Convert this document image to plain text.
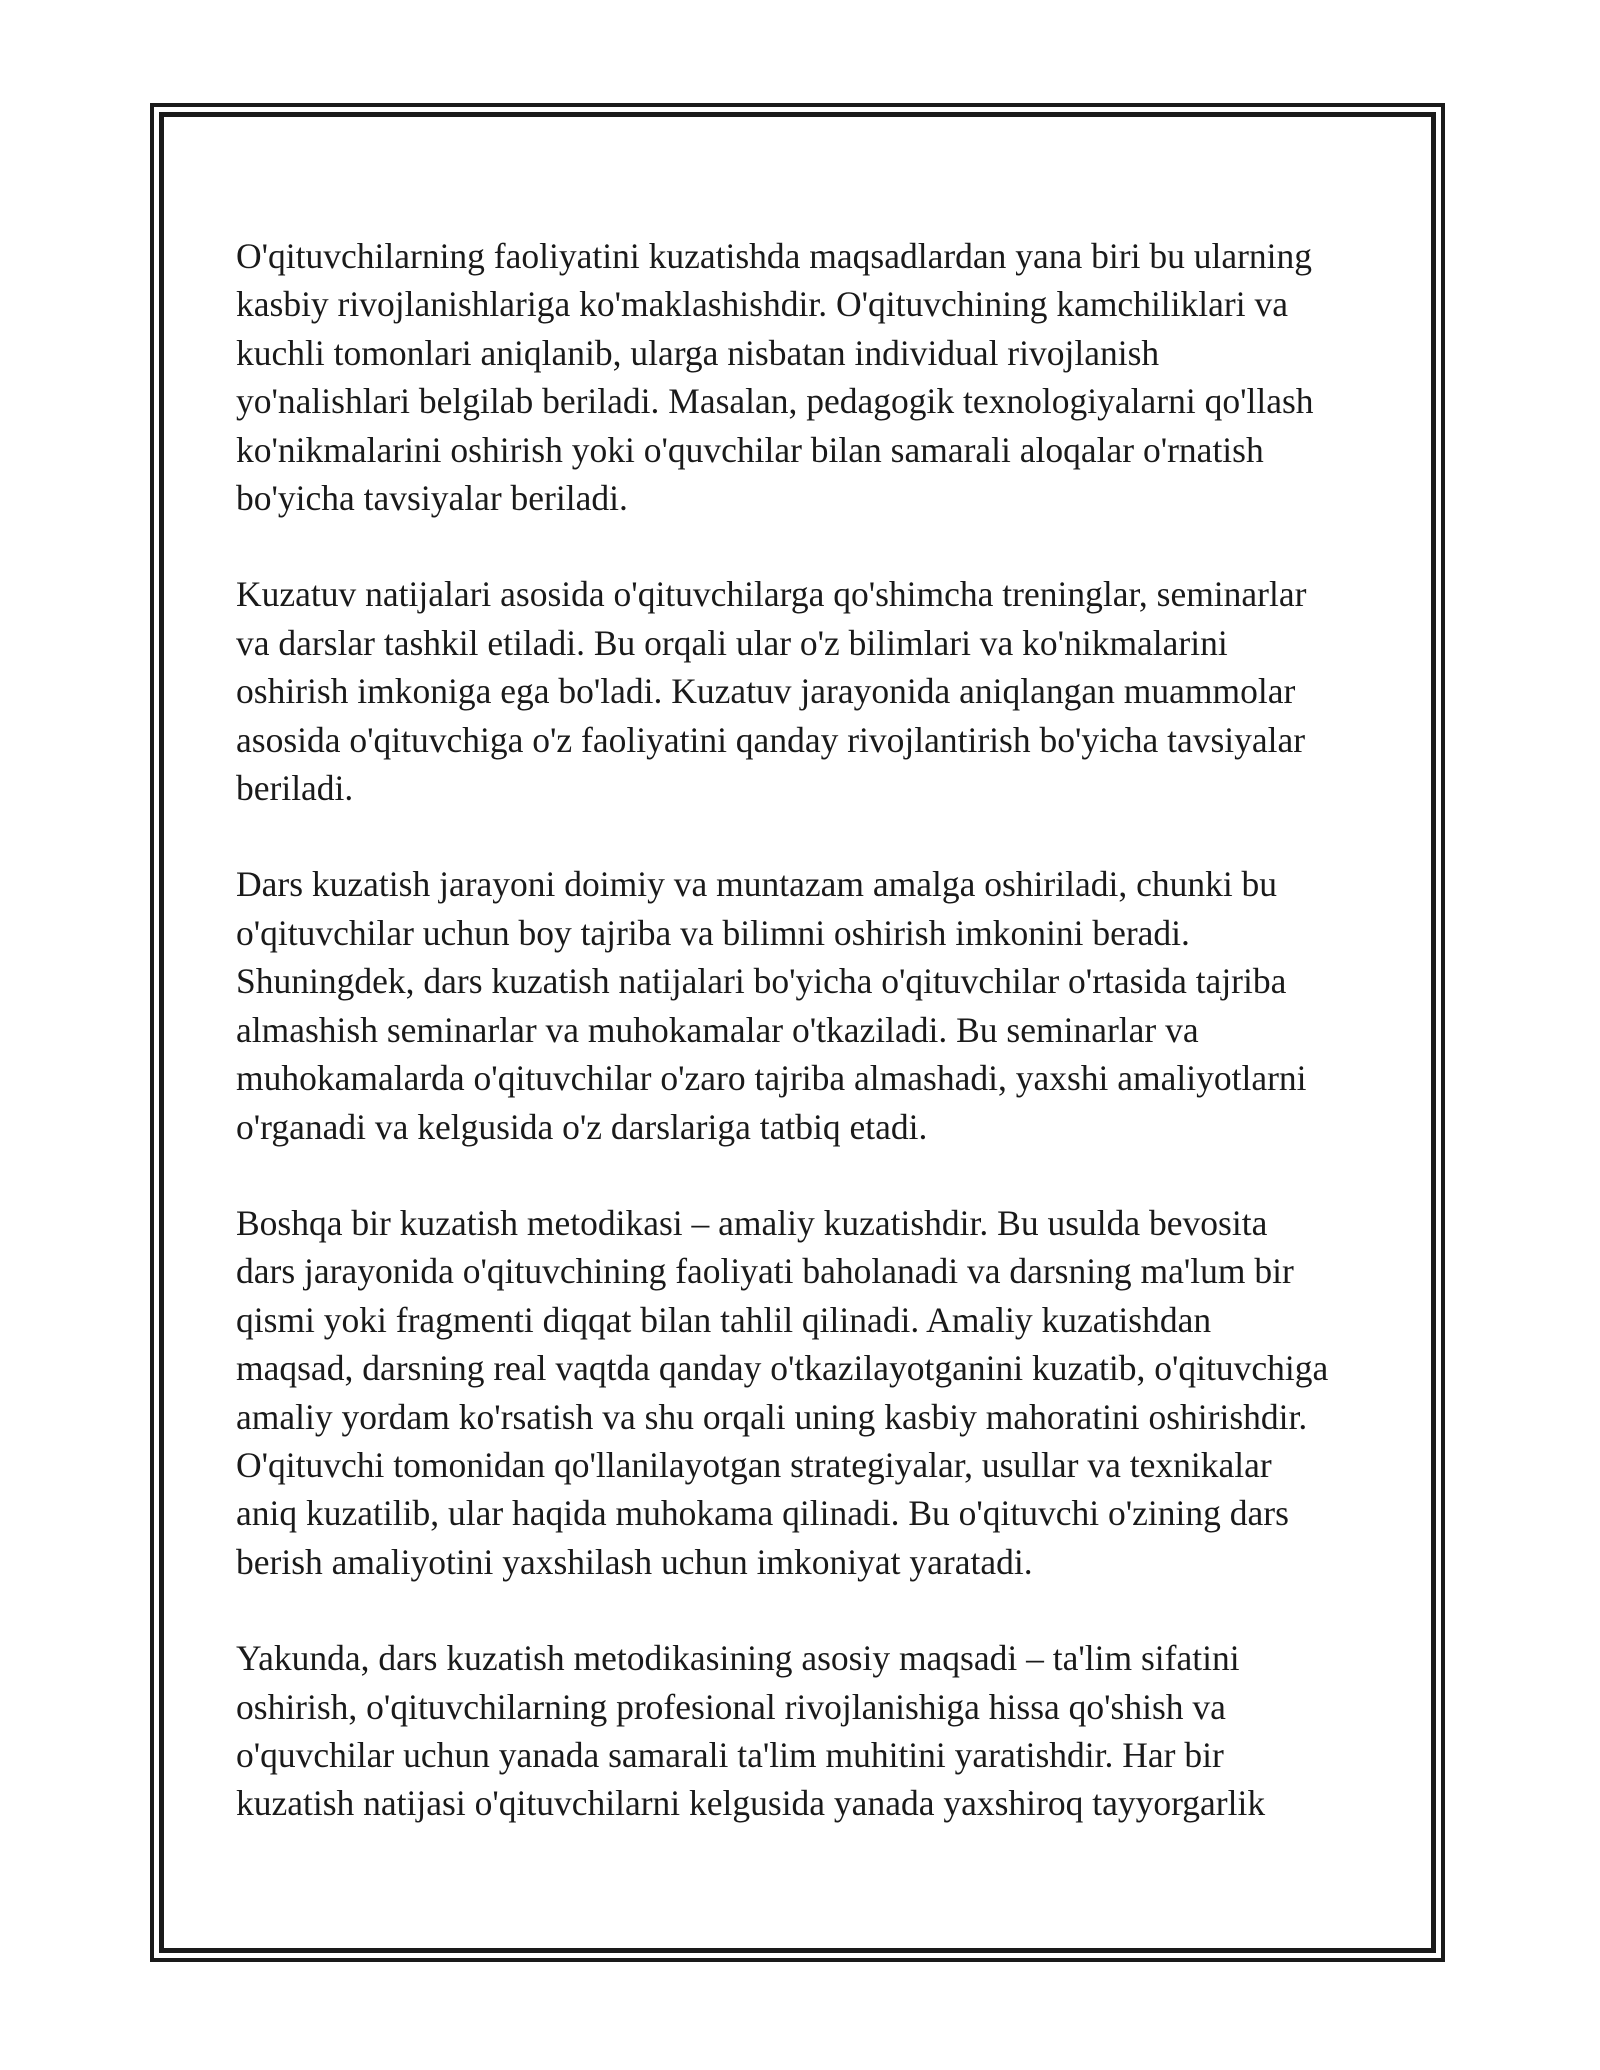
O'qituvchilarning faoliyatini kuzatishda maqsadlardan yana biri bu ularning
kasbiy rivojlanishlariga ko'maklashishdir. O'qituvchining kamchiliklari va
kuchli tomonlari aniqlanib, ularga nisbatan individual rivojlanish
yo'nalishlari belgilab beriladi. Masalan, pedagogik texnologiyalarni qo'llash
ko'nikmalarini oshirish yoki o'quvchilar bilan samarali aloqalar o'rnatish
bo'yicha tavsiyalar beriladi.

Kuzatuv natijalari asosida o'qituvchilarga qo'shimcha treninglar, seminarlar
va darslar tashkil etiladi. Bu orqali ular o'z bilimlari va ko'nikmalarini
oshirish imkoniga ega bo'ladi. Kuzatuv jarayonida aniqlangan muammolar
asosida o'qituvchiga o'z faoliyatini qanday rivojlantirish bo'yicha tavsiyalar
beriladi.

Dars kuzatish jarayoni doimiy va muntazam amalga oshiriladi, chunki bu
o'qituvchilar uchun boy tajriba va bilimni oshirish imkonini beradi.
Shuningdek, dars kuzatish natijalari bo'yicha o'qituvchilar o'rtasida tajriba
almashish seminarlar va muhokamalar o'tkaziladi. Bu seminarlar va
muhokamalarda o'qituvchilar o'zaro tajriba almashadi, yaxshi amaliyotlarni
o'rganadi va kelgusida o'z darslariga tatbiq etadi.

Boshqa bir kuzatish metodikasi – amaliy kuzatishdir. Bu usulda bevosita
dars jarayonida o'qituvchining faoliyati baholanadi va darsning ma'lum bir
qismi yoki fragmenti diqqat bilan tahlil qilinadi. Amaliy kuzatishdan
maqsad, darsning real vaqtda qanday o'tkazilayotganini kuzatib, o'qituvchiga
amaliy yordam ko'rsatish va shu orqali uning kasbiy mahoratini oshirishdir.
O'qituvchi tomonidan qo'llanilayotgan strategiyalar, usullar va texnikalar
aniq kuzatilib, ular haqida muhokama qilinadi. Bu o'qituvchi o'zining dars
berish amaliyotini yaxshilash uchun imkoniyat yaratadi.

Yakunda, dars kuzatish metodikasining asosiy maqsadi – ta'lim sifatini
oshirish, o'qituvchilarning profesional rivojlanishiga hissa qo'shish va
o'quvchilar uchun yanada samarali ta'lim muhitini yaratishdir. Har bir
kuzatish natijasi o'qituvchilarni kelgusida yanada yaxshiroq tayyorgarlik
